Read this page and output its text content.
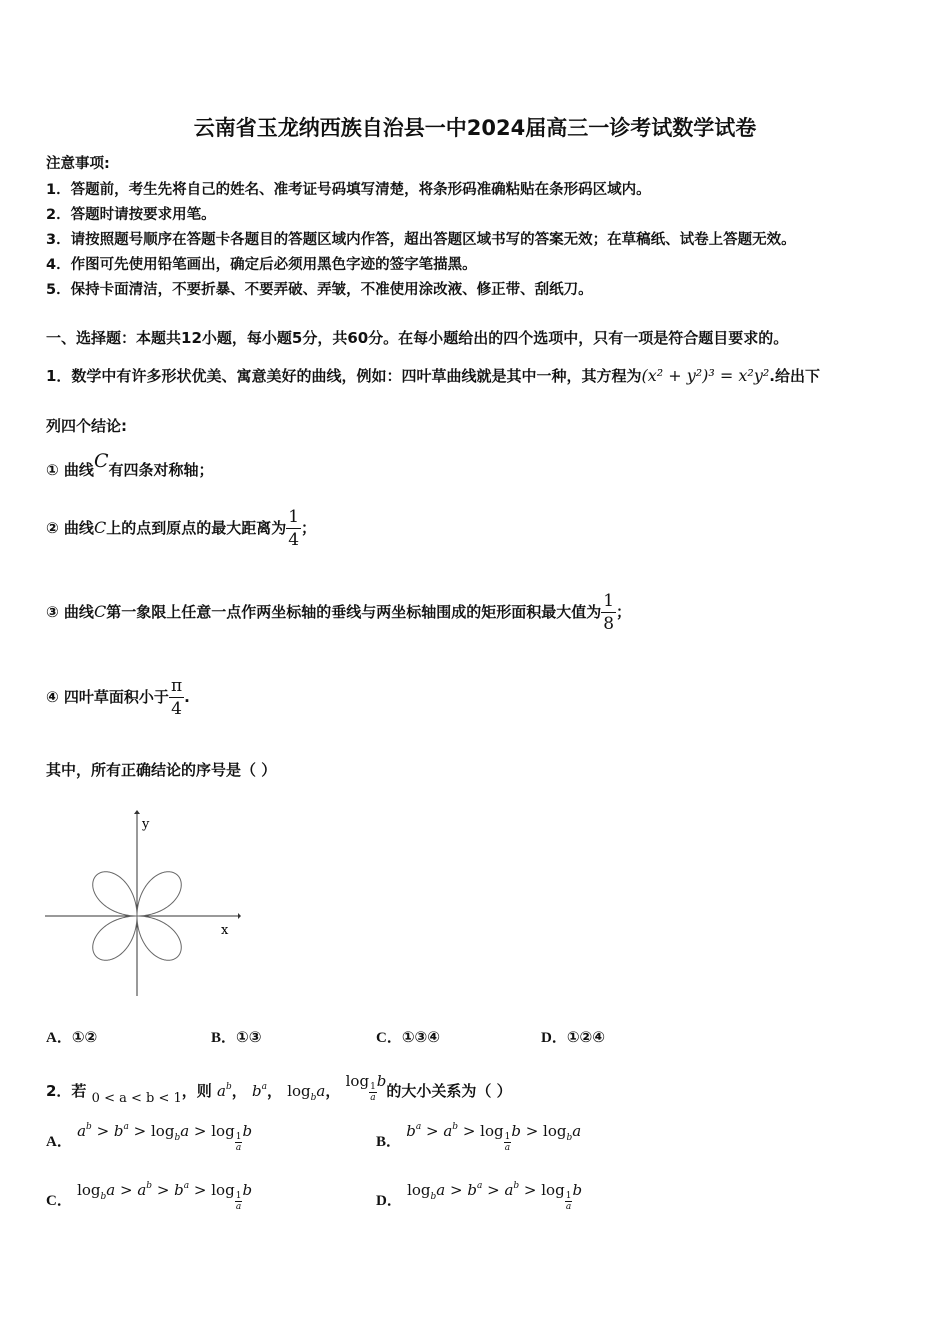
云南省玉龙纳西族自治县一中2024届高三一诊考试数学试卷
注意事项:
1．答题前，考生先将自己的姓名、准考证号码填写清楚，将条形码准确粘贴在条形码区域内。
2．答题时请按要求用笔。
3．请按照题号顺序在答题卡各题目的答题区域内作答，超出答题区域书写的答案无效；在草稿纸、试卷上答题无效。
4．作图可先使用铅笔画出，确定后必须用黑色字迹的签字笔描黑。
5．保持卡面清洁，不要折暴、不要弄破、弄皱，不准使用涂改液、修正带、刮纸刀。
一、选择题：本题共12小题，每小题5分，共60分。在每小题给出的四个选项中，只有一项是符合题目要求的。
1．数学中有许多形状优美、寓意美好的曲线，例如：四叶草曲线就是其中一种，其方程为(x² + y²)³ = x²y².给出下
列四个结论:
① 曲线C有四条对称轴；
② 曲线C上的点到原点的最大距离为 $\frac{1}{4}$ ；
③ 曲线C第一象限上任意一点作两坐标轴的垂线与两坐标轴围成的矩形面积最大值为 $\frac{1}{8}$ ；
④ 四叶草面积小于 $\frac{\pi}{4}$ .
其中，所有正确结论的序号是（ ）
y
x
A．①②	B．①③	C．①③④	D．①②④
2．若 0 < a < b < 1，则 $a^b$， $b^a$， $\log_ba$， log
$\frac{1}{a}$
b的大小关系为（ ）
A． $a^b > b^a > \log_ba > \log$
$\frac{1}{a}$
b
B． $b^a > a^b > \log$
$\frac{1}{a}$
$b > \log_ba$
C． $\log_ba > a^b > b^a > \log$
$\frac{1}{a}$
b
D． $\log_ba > b^a > a^b > \log$
$\frac{1}{a}$
b
